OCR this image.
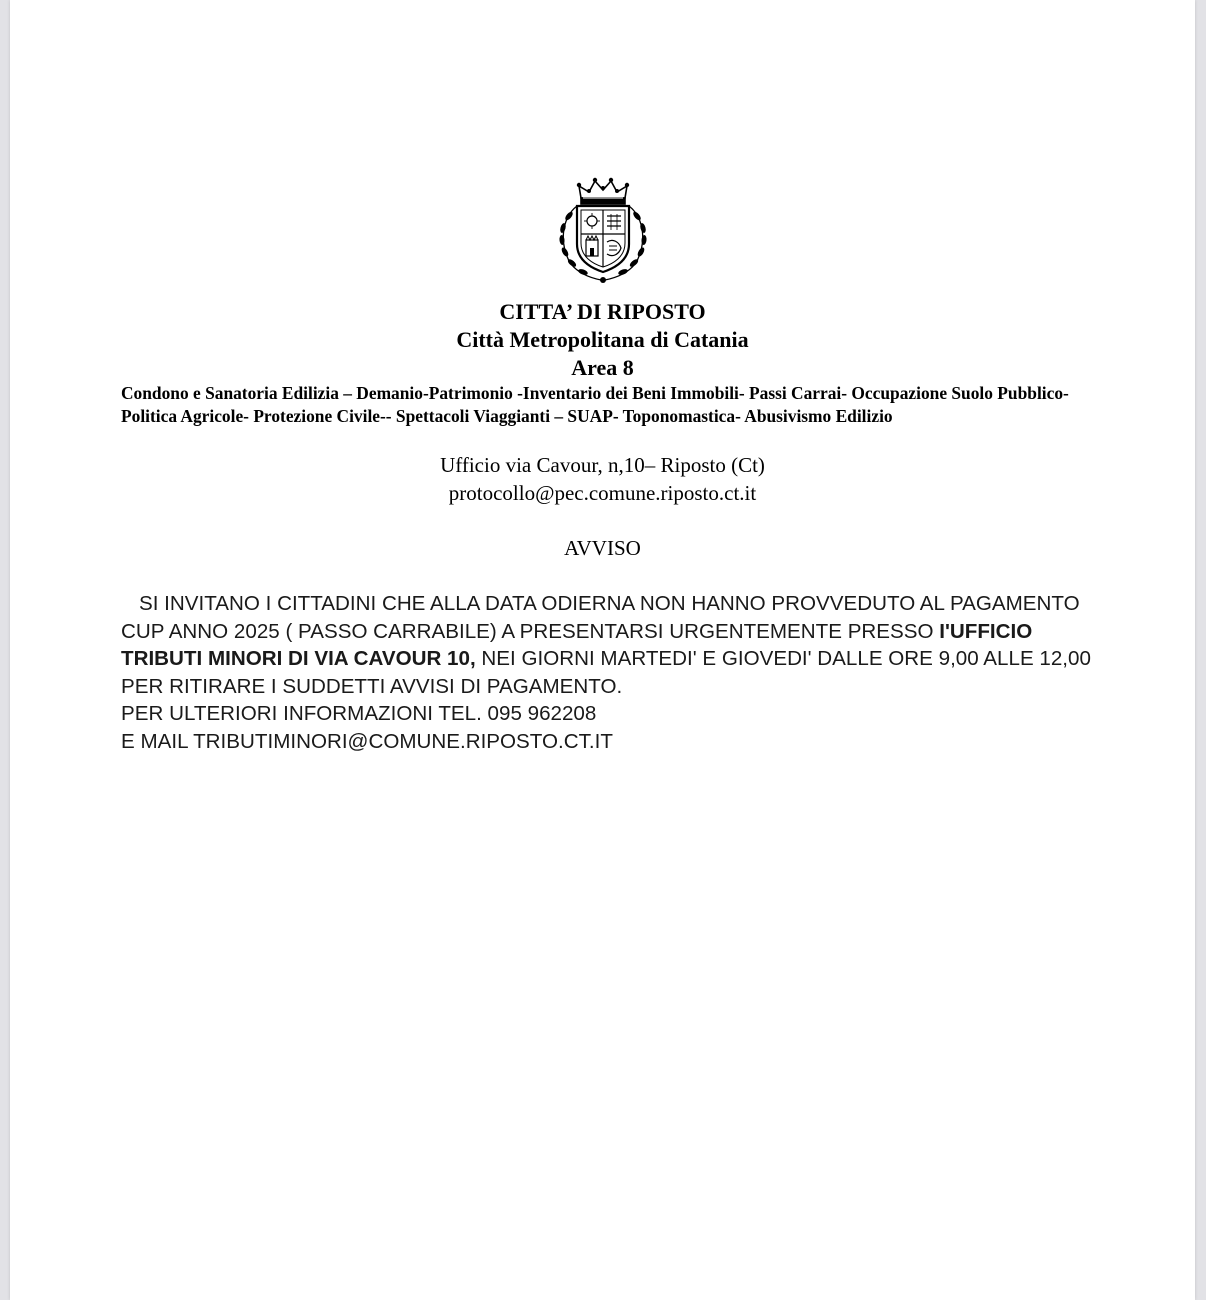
CITTA’ DI RIPOSTO
Città Metropolitana di Catania
Area 8
Condono e Sanatoria Edilizia – Demanio-Patrimonio -Inventario dei Beni Immobili- Passi Carrai- Occupazione Suolo Pubblico- Politica Agricole- Protezione Civile-- Spettacoli Viaggianti – SUAP- Toponomastica- Abusivismo Edilizio
Ufficio via Cavour, n,10– Riposto (Ct)
protocollo@pec.comune.riposto.ct.it
AVVISO
SI INVITANO I CITTADINI CHE ALLA DATA ODIERNA NON HANNO PROVVEDUTO AL PAGAMENTO CUP ANNO 2025 ( PASSO CARRABILE) A PRESENTARSI URGENTEMENTE PRESSO I'UFFICIO TRIBUTI MINORI DI VIA CAVOUR 10, NEI GIORNI MARTEDI' E GIOVEDI' DALLE ORE 9,00 ALLE 12,00 PER RITIRARE I SUDDETTI AVVISI DI PAGAMENTO.
PER ULTERIORI INFORMAZIONI TEL. 095 962208
E MAIL TRIBUTIMINORI@COMUNE.RIPOSTO.CT.IT
